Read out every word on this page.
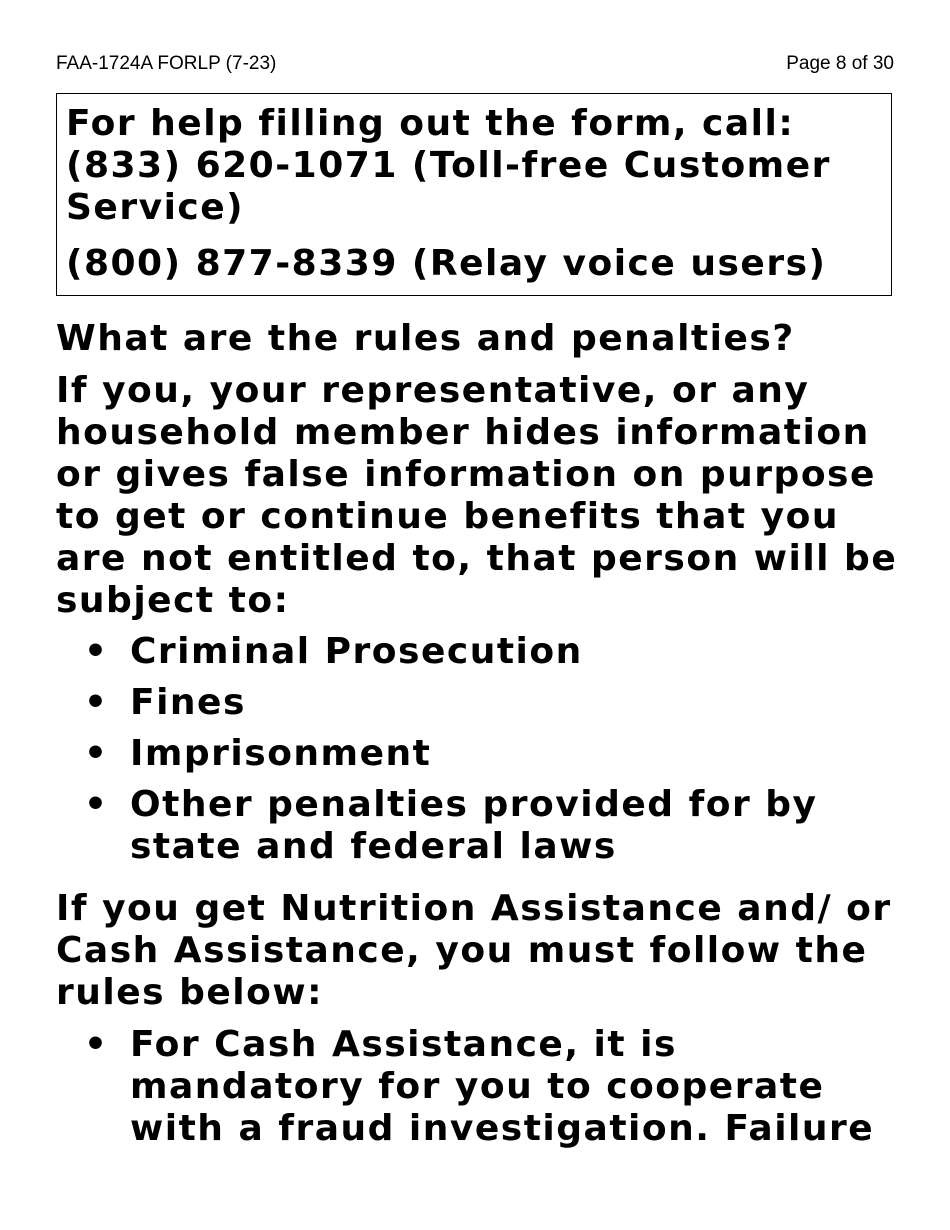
FAA-1724A FORLP (7-23)	Page 8 of 30

For help filling out the form, call: (833) 620-1071 (Toll-free Customer Service)

(800) 877-8339 (Relay voice users)

What are the rules and penalties?

If you, your representative, or any household member hides information or gives false information on purpose to get or continue benefits that you are not entitled to, that person will be subject to:

• Criminal Prosecution
• Fines
• Imprisonment
• Other penalties provided for by state and federal laws

If you get Nutrition Assistance and/ or Cash Assistance, you must follow the rules below:

• For Cash Assistance, it is mandatory for you to cooperate with a fraud investigation. Failure
